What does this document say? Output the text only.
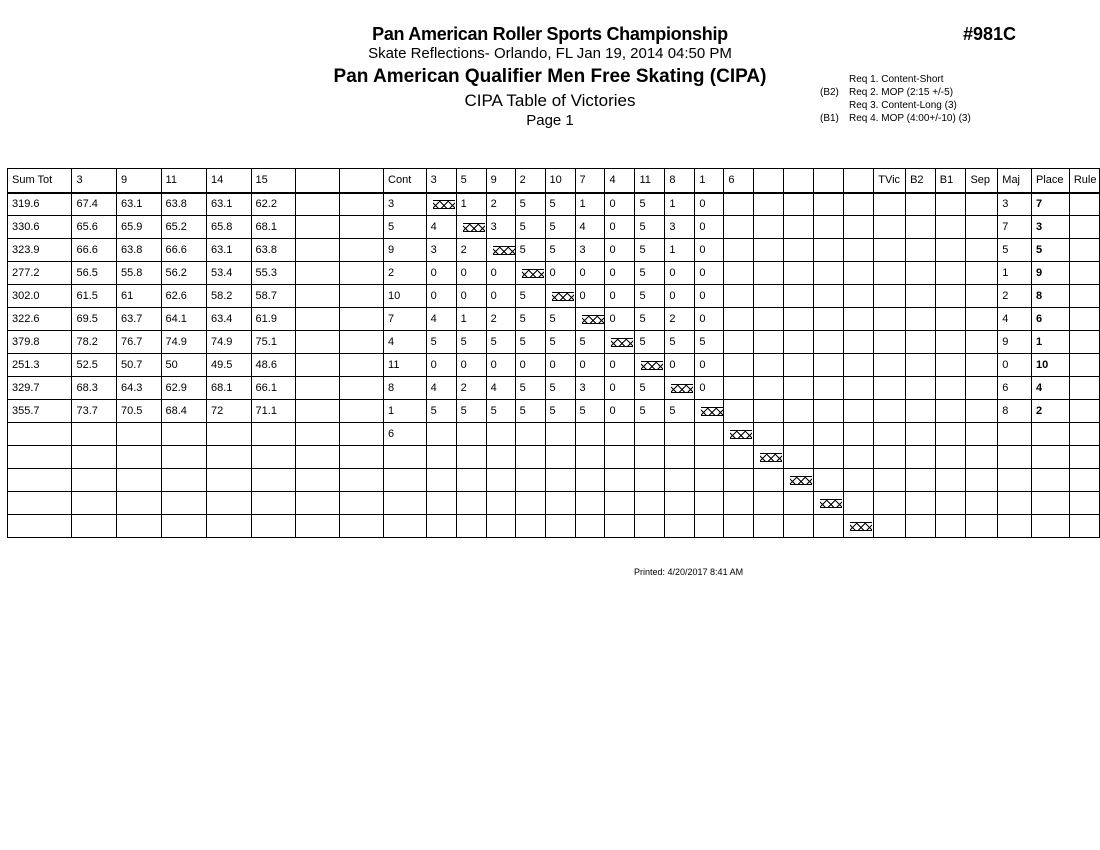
Pan American Roller Sports Championship
Skate Reflections- Orlando, FL Jan 19, 2014 04:50 PM
Pan American Qualifier Men Free Skating (CIPA)
CIPA Table of Victories
Page 1
#981C
Req 1. Content-Short
(B2) Req 2. MOP (2:15 +/-5)
Req 3. Content-Long (3)
(B1) Req 4. MOP (4:00+/-10) (3)
Sum Tot	3	9	11	14	15			Cont	3	5	9	2	10	7	4	11	8	1	6					TVic	B2	B1	Sep	Maj	Place	Rule
319.6	67.4	63.1	63.8	63.1	62.2			3		1	2	5	5	1	0	5	1	0										3	7	
330.6	65.6	65.9	65.2	65.8	68.1			5	4		3	5	5	4	0	5	3	0										7	3	
323.9	66.6	63.8	66.6	63.1	63.8			9	3	2		5	5	3	0	5	1	0										5	5	
277.2	56.5	55.8	56.2	53.4	55.3			2	0	0	0		0	0	0	5	0	0										1	9	
302.0	61.5	61	62.6	58.2	58.7			10	0	0	0	5		0	0	5	0	0										2	8	
322.6	69.5	63.7	64.1	63.4	61.9			7	4	1	2	5	5		0	5	2	0										4	6	
379.8	78.2	76.7	74.9	74.9	75.1			4	5	5	5	5	5	5		5	5	5										9	1	
251.3	52.5	50.7	50	49.5	48.6			11	0	0	0	0	0	0	0		0	0										0	10	
329.7	68.3	64.3	62.9	68.1	66.1			8	4	2	4	5	5	3	0	5		0										6	4	
355.7	73.7	70.5	68.4	72	71.1			1	5	5	5	5	5	5	0	5	5											8	2	
								6																						

Printed: 4/20/2017 8:41 AM
